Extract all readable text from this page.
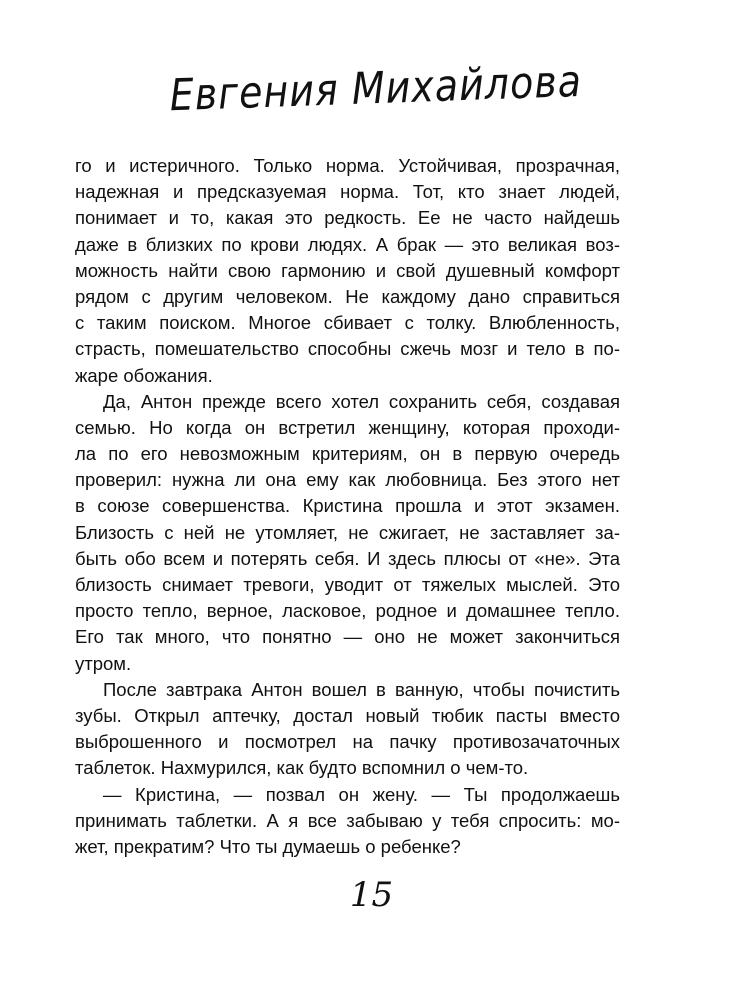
Евгения Михайлова
го и истеричного. Только норма. Устойчивая, прозрачная,
надежная и предсказуемая норма. Тот, кто знает людей,
понимает и то, какая это редкость. Ее не часто найдешь
даже в близких по крови людях. А брак — это великая воз-
можность найти свою гармонию и свой душевный комфорт
рядом с другим человеком. Не каждому дано справиться
с таким поиском. Многое сбивает с толку. Влюбленность,
страсть, помешательство способны сжечь мозг и тело в по-
жаре обожания.
Да, Антон прежде всего хотел сохранить себя, создавая
семью. Но когда он встретил женщину, которая проходи-
ла по его невозможным критериям, он в первую очередь
проверил: нужна ли она ему как любовница. Без этого нет
в союзе совершенства. Кристина прошла и этот экзамен.
Близость с ней не утомляет, не сжигает, не заставляет за-
быть обо всем и потерять себя. И здесь плюсы от «не». Эта
близость снимает тревоги, уводит от тяжелых мыслей. Это
просто тепло, верное, ласковое, родное и домашнее тепло.
Его так много, что понятно — оно не может закончиться
утром.
После завтрака Антон вошел в ванную, чтобы почистить
зубы. Открыл аптечку, достал новый тюбик пасты вместо
выброшенного и посмотрел на пачку противозачаточных
таблеток. Нахмурился, как будто вспомнил о чем-то.
— Кристина, — позвал он жену. — Ты продолжаешь
принимать таблетки. А я все забываю у тебя спросить: мо-
жет, прекратим? Что ты думаешь о ребенке?
15
